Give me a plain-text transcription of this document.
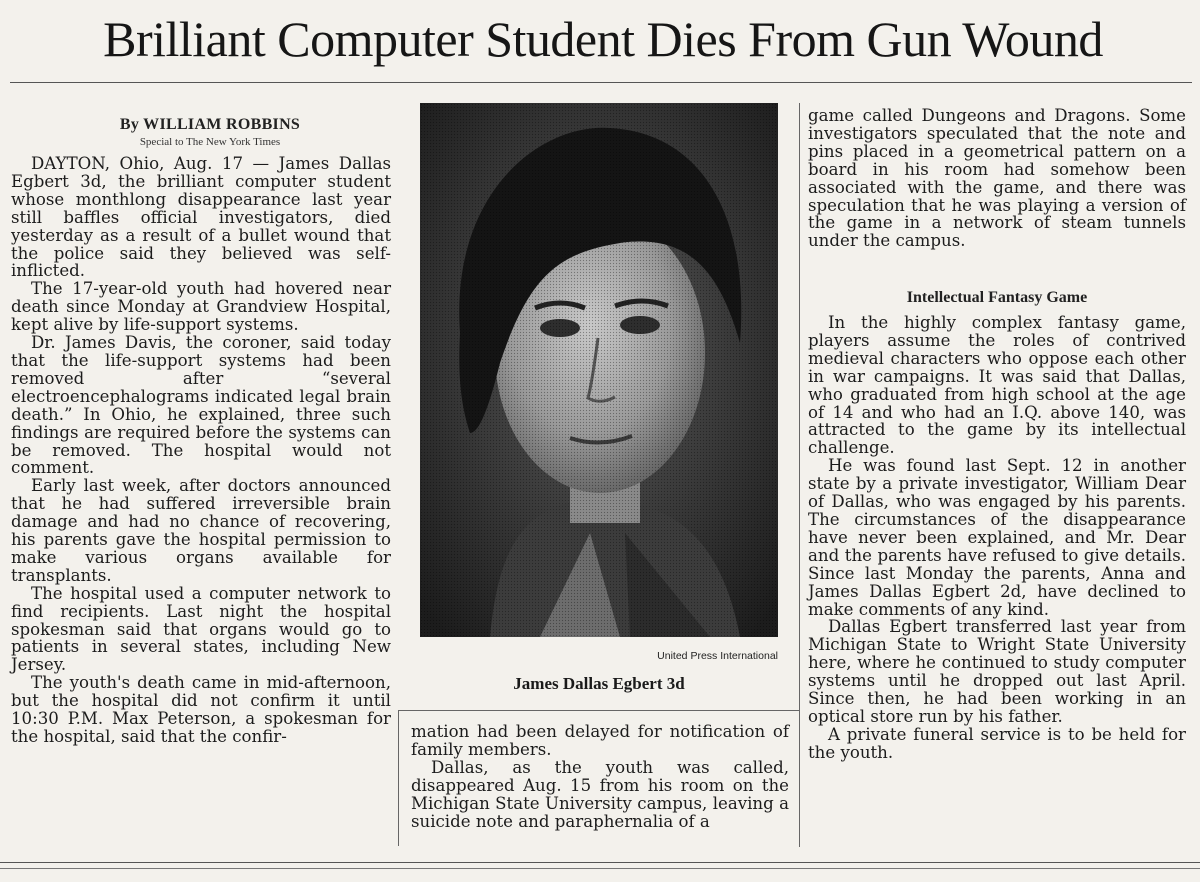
Brilliant Computer Student Dies From Gun Wound
By WILLIAM ROBBINS
Special to The New York Times

DAYTON, Ohio, Aug. 17 — James Dallas Egbert 3d, the brilliant computer student whose monthlong disappearance last year still baffles official investigators, died yesterday as a result of a bullet wound that the police said they believed was self-inflicted.

The 17-year-old youth had hovered near death since Monday at Grandview Hospital, kept alive by life-support systems.

Dr. James Davis, the coroner, said today that the life-support systems had been removed after “several electroencephalograms indicated legal brain death.” In Ohio, he explained, three such findings are required before the systems can be removed. The hospital would not comment.

Early last week, after doctors announced that he had suffered irreversible brain damage and had no chance of recovering, his parents gave the hospital permission to make various organs available for transplants.

The hospital used a computer network to find recipients. Last night the hospital spokesman said that organs would go to patients in several states, including New Jersey.

The youth's death came in mid-afternoon, but the hospital did not confirm it until 10:30 P.M. Max Peterson, a spokesman for the hospital, said that the confir-

United Press International
James Dallas Egbert 3d

mation had been delayed for notification of family members.

Dallas, as the youth was called, disappeared Aug. 15 from his room on the Michigan State University campus, leaving a suicide note and paraphernalia of a

game called Dungeons and Dragons. Some investigators speculated that the note and pins placed in a geometrical pattern on a board in his room had somehow been associated with the game, and there was speculation that he was playing a version of the game in a network of steam tunnels under the campus.

Intellectual Fantasy Game

In the highly complex fantasy game, players assume the roles of contrived medieval characters who oppose each other in war campaigns. It was said that Dallas, who graduated from high school at the age of 14 and who had an I.Q. above 140, was attracted to the game by its intellectual challenge.

He was found last Sept. 12 in another state by a private investigator, William Dear of Dallas, who was engaged by his parents. The circumstances of the disappearance have never been explained, and Mr. Dear and the parents have refused to give details. Since last Monday the parents, Anna and James Dallas Egbert 2d, have declined to make comments of any kind.

Dallas Egbert transferred last year from Michigan State to Wright State University here, where he continued to study computer systems until he dropped out last April. Since then, he had been working in an optical store run by his father.

A private funeral service is to be held for the youth.
